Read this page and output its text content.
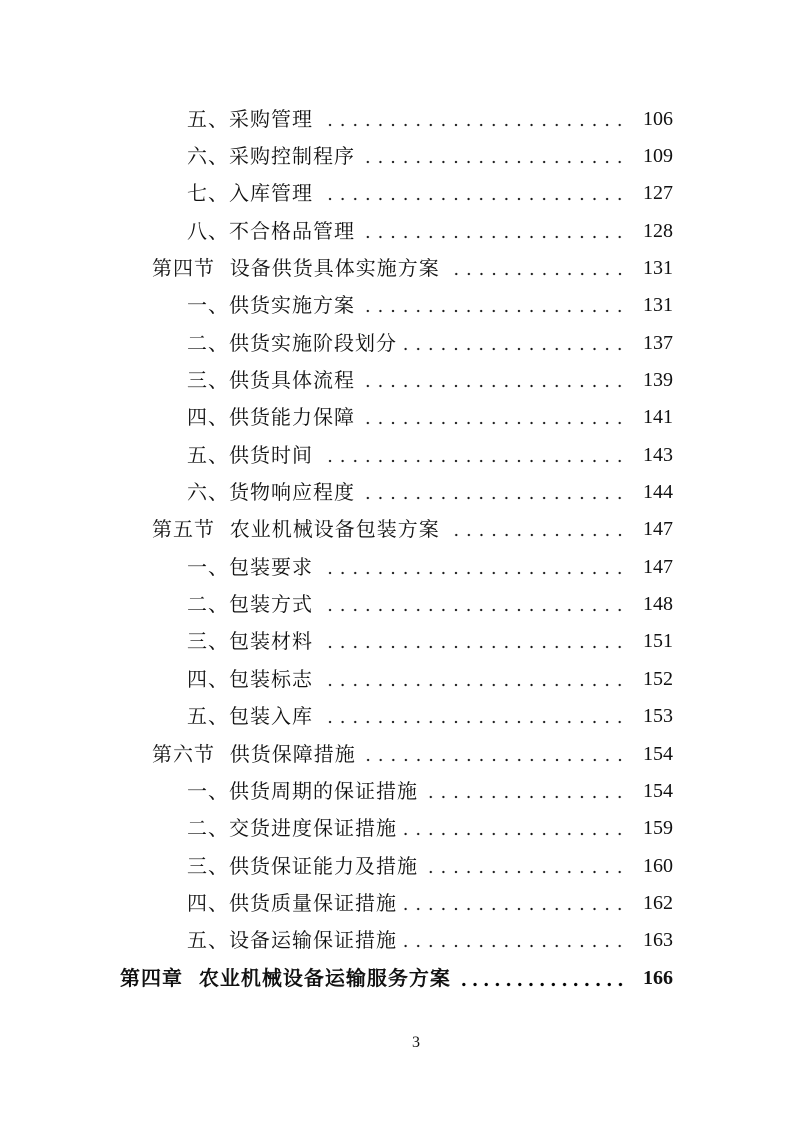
五、采购管理	106
六、采购控制程序	109
七、入库管理	127
八、不合格品管理	128
第四节  设备供货具体实施方案	131
一、供货实施方案	131
二、供货实施阶段划分	137
三、供货具体流程	139
四、供货能力保障	141
五、供货时间	143
六、货物响应程度	144
第五节  农业机械设备包装方案	147
一、包装要求	147
二、包装方式	148
三、包装材料	151
四、包装标志	152
五、包装入库	153
第六节  供货保障措施	154
一、供货周期的保证措施	154
二、交货进度保证措施	159
三、供货保证能力及措施	160
四、供货质量保证措施	162
五、设备运输保证措施	163
第四章  农业机械设备运输服务方案	166
3
